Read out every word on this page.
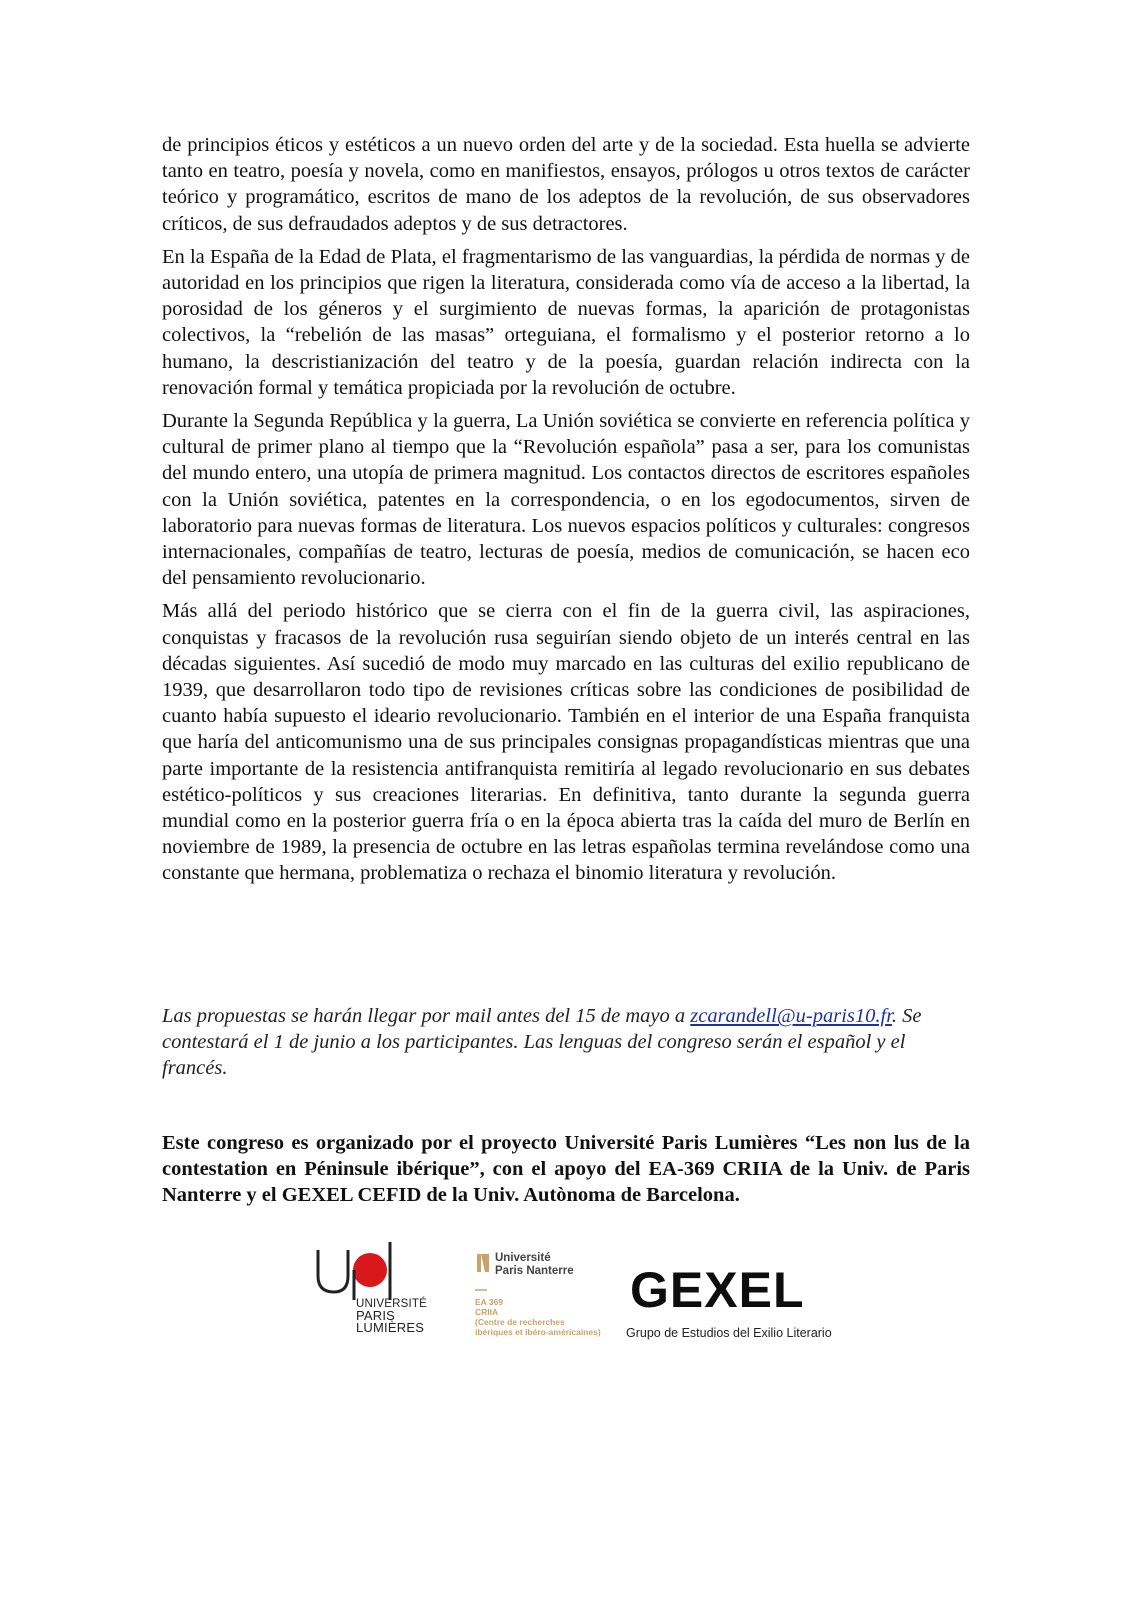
de principios éticos y estéticos a un nuevo orden del arte y de la sociedad. Esta huella se advierte tanto en teatro, poesía y novela, como en manifiestos, ensayos, prólogos u otros textos de carácter teórico y programático, escritos de mano de los adeptos de la revolución, de sus observadores críticos, de sus defraudados adeptos y de sus detractores.

En la España de la Edad de Plata, el fragmentarismo de las vanguardias, la pérdida de normas y de autoridad en los principios que rigen la literatura, considerada como vía de acceso a la libertad, la porosidad de los géneros y el surgimiento de nuevas formas, la aparición de protagonistas colectivos, la “rebelión de las masas” orteguiana, el formalismo y el posterior retorno a lo humano, la descristianización del teatro y de la poesía, guardan relación indirecta con la renovación formal y temática propiciada por la revolución de octubre.

Durante la Segunda República y la guerra, La Unión soviética se convierte en referencia política y cultural de primer plano al tiempo que la “Revolución española” pasa a ser, para los comunistas del mundo entero, una utopía de primera magnitud. Los contactos directos de escritores españoles con la Unión soviética, patentes en la correspondencia, o en los egodocumentos, sirven de laboratorio para nuevas formas de literatura. Los nuevos espacios políticos y culturales: congresos internacionales, compañías de teatro, lecturas de poesía, medios de comunicación, se hacen eco del pensamiento revolucionario.

Más allá del periodo histórico que se cierra con el fin de la guerra civil, las aspiraciones, conquistas y fracasos de la revolución rusa seguirían siendo objeto de un interés central en las décadas siguientes. Así sucedió de modo muy marcado en las culturas del exilio republicano de 1939, que desarrollaron todo tipo de revisiones críticas sobre las condiciones de posibilidad de cuanto había supuesto el ideario revolucionario. También en el interior de una España franquista que haría del anticomunismo una de sus principales consignas propagandísticas mientras que una parte importante de la resistencia antifranquista remitiría al legado revolucionario en sus debates estético-políticos y sus creaciones literarias. En definitiva, tanto durante la segunda guerra mundial como en la posterior guerra fría o en la época abierta tras la caída del muro de Berlín en noviembre de 1989, la presencia de octubre en las letras españolas termina revelándose como una constante que hermana, problematiza o rechaza el binomio literatura y revolución.

Las propuestas se harán llegar por mail antes del 15 de mayo a zcarandell@u-paris10.fr. Se contestará el 1 de junio a los participantes. Las lenguas del congreso serán el español y el francés.
Este congreso es organizado por el proyecto Université Paris Lumières “Les non lus de la contestation en Péninsule ibérique”, con el apoyo del EA-369 CRIIA de la Univ. de Paris Nanterre y el GEXEL CEFID de la Univ. Autònoma de Barcelona.
UNIVERSITÉ
PARIS LUMIÈRES
Université
Paris Nanterre
EA 369
CRIIA
(Centre de recherches
ibériques et ibéro-américaines)
GEXEL
Grupo de Estudios del Exilio Literario
